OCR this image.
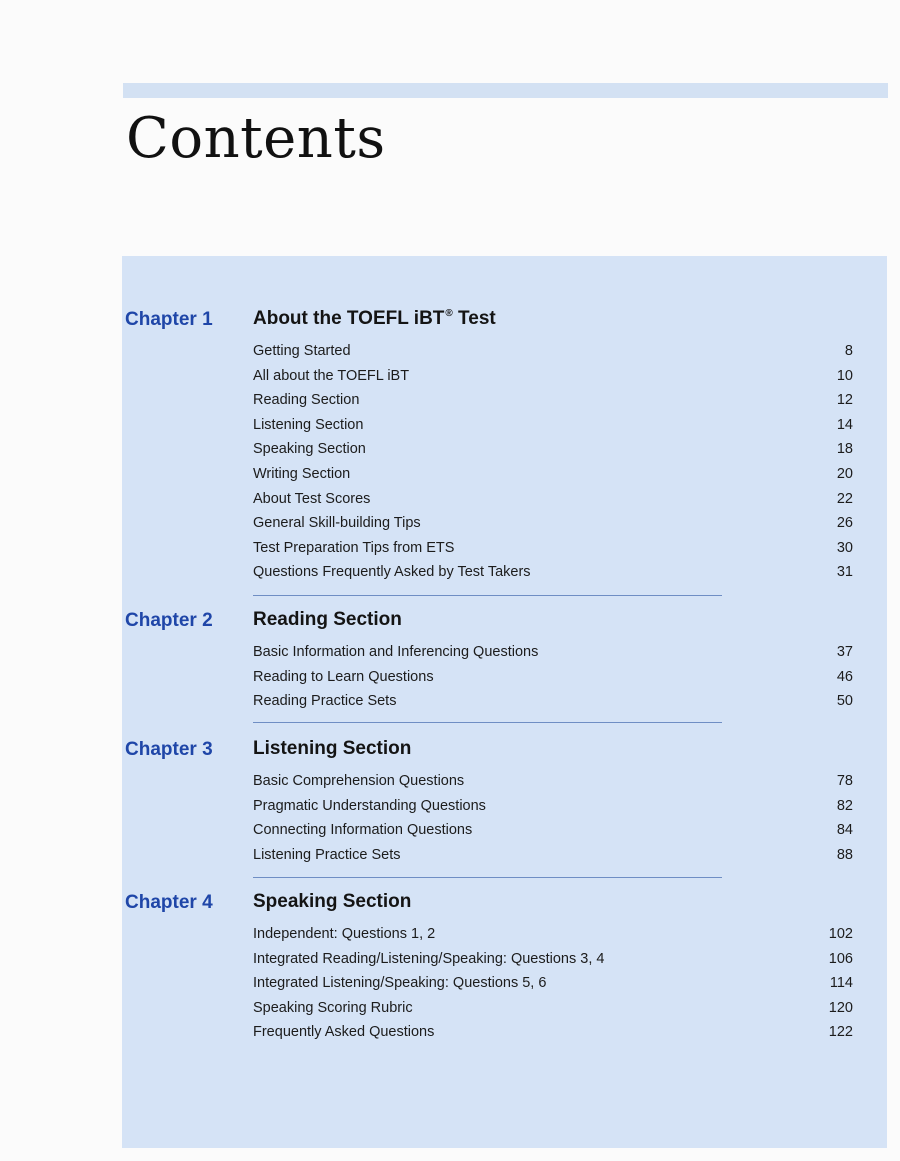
Contents
Chapter 1 About the TOEFL iBT® Test
Getting Started	8
All about the TOEFL iBT	10
Reading Section	12
Listening Section	14
Speaking Section	18
Writing Section	20
About Test Scores	22
General Skill-building Tips	26
Test Preparation Tips from ETS	30
Questions Frequently Asked by Test Takers	31
Chapter 2 Reading Section
Basic Information and Inferencing Questions	37
Reading to Learn Questions	46
Reading Practice Sets	50
Chapter 3 Listening Section
Basic Comprehension Questions	78
Pragmatic Understanding Questions	82
Connecting Information Questions	84
Listening Practice Sets	88
Chapter 4 Speaking Section
Independent: Questions 1, 2	102
Integrated Reading/Listening/Speaking: Questions 3, 4	106
Integrated Listening/Speaking: Questions 5, 6	114
Speaking Scoring Rubric	120
Frequently Asked Questions	122
